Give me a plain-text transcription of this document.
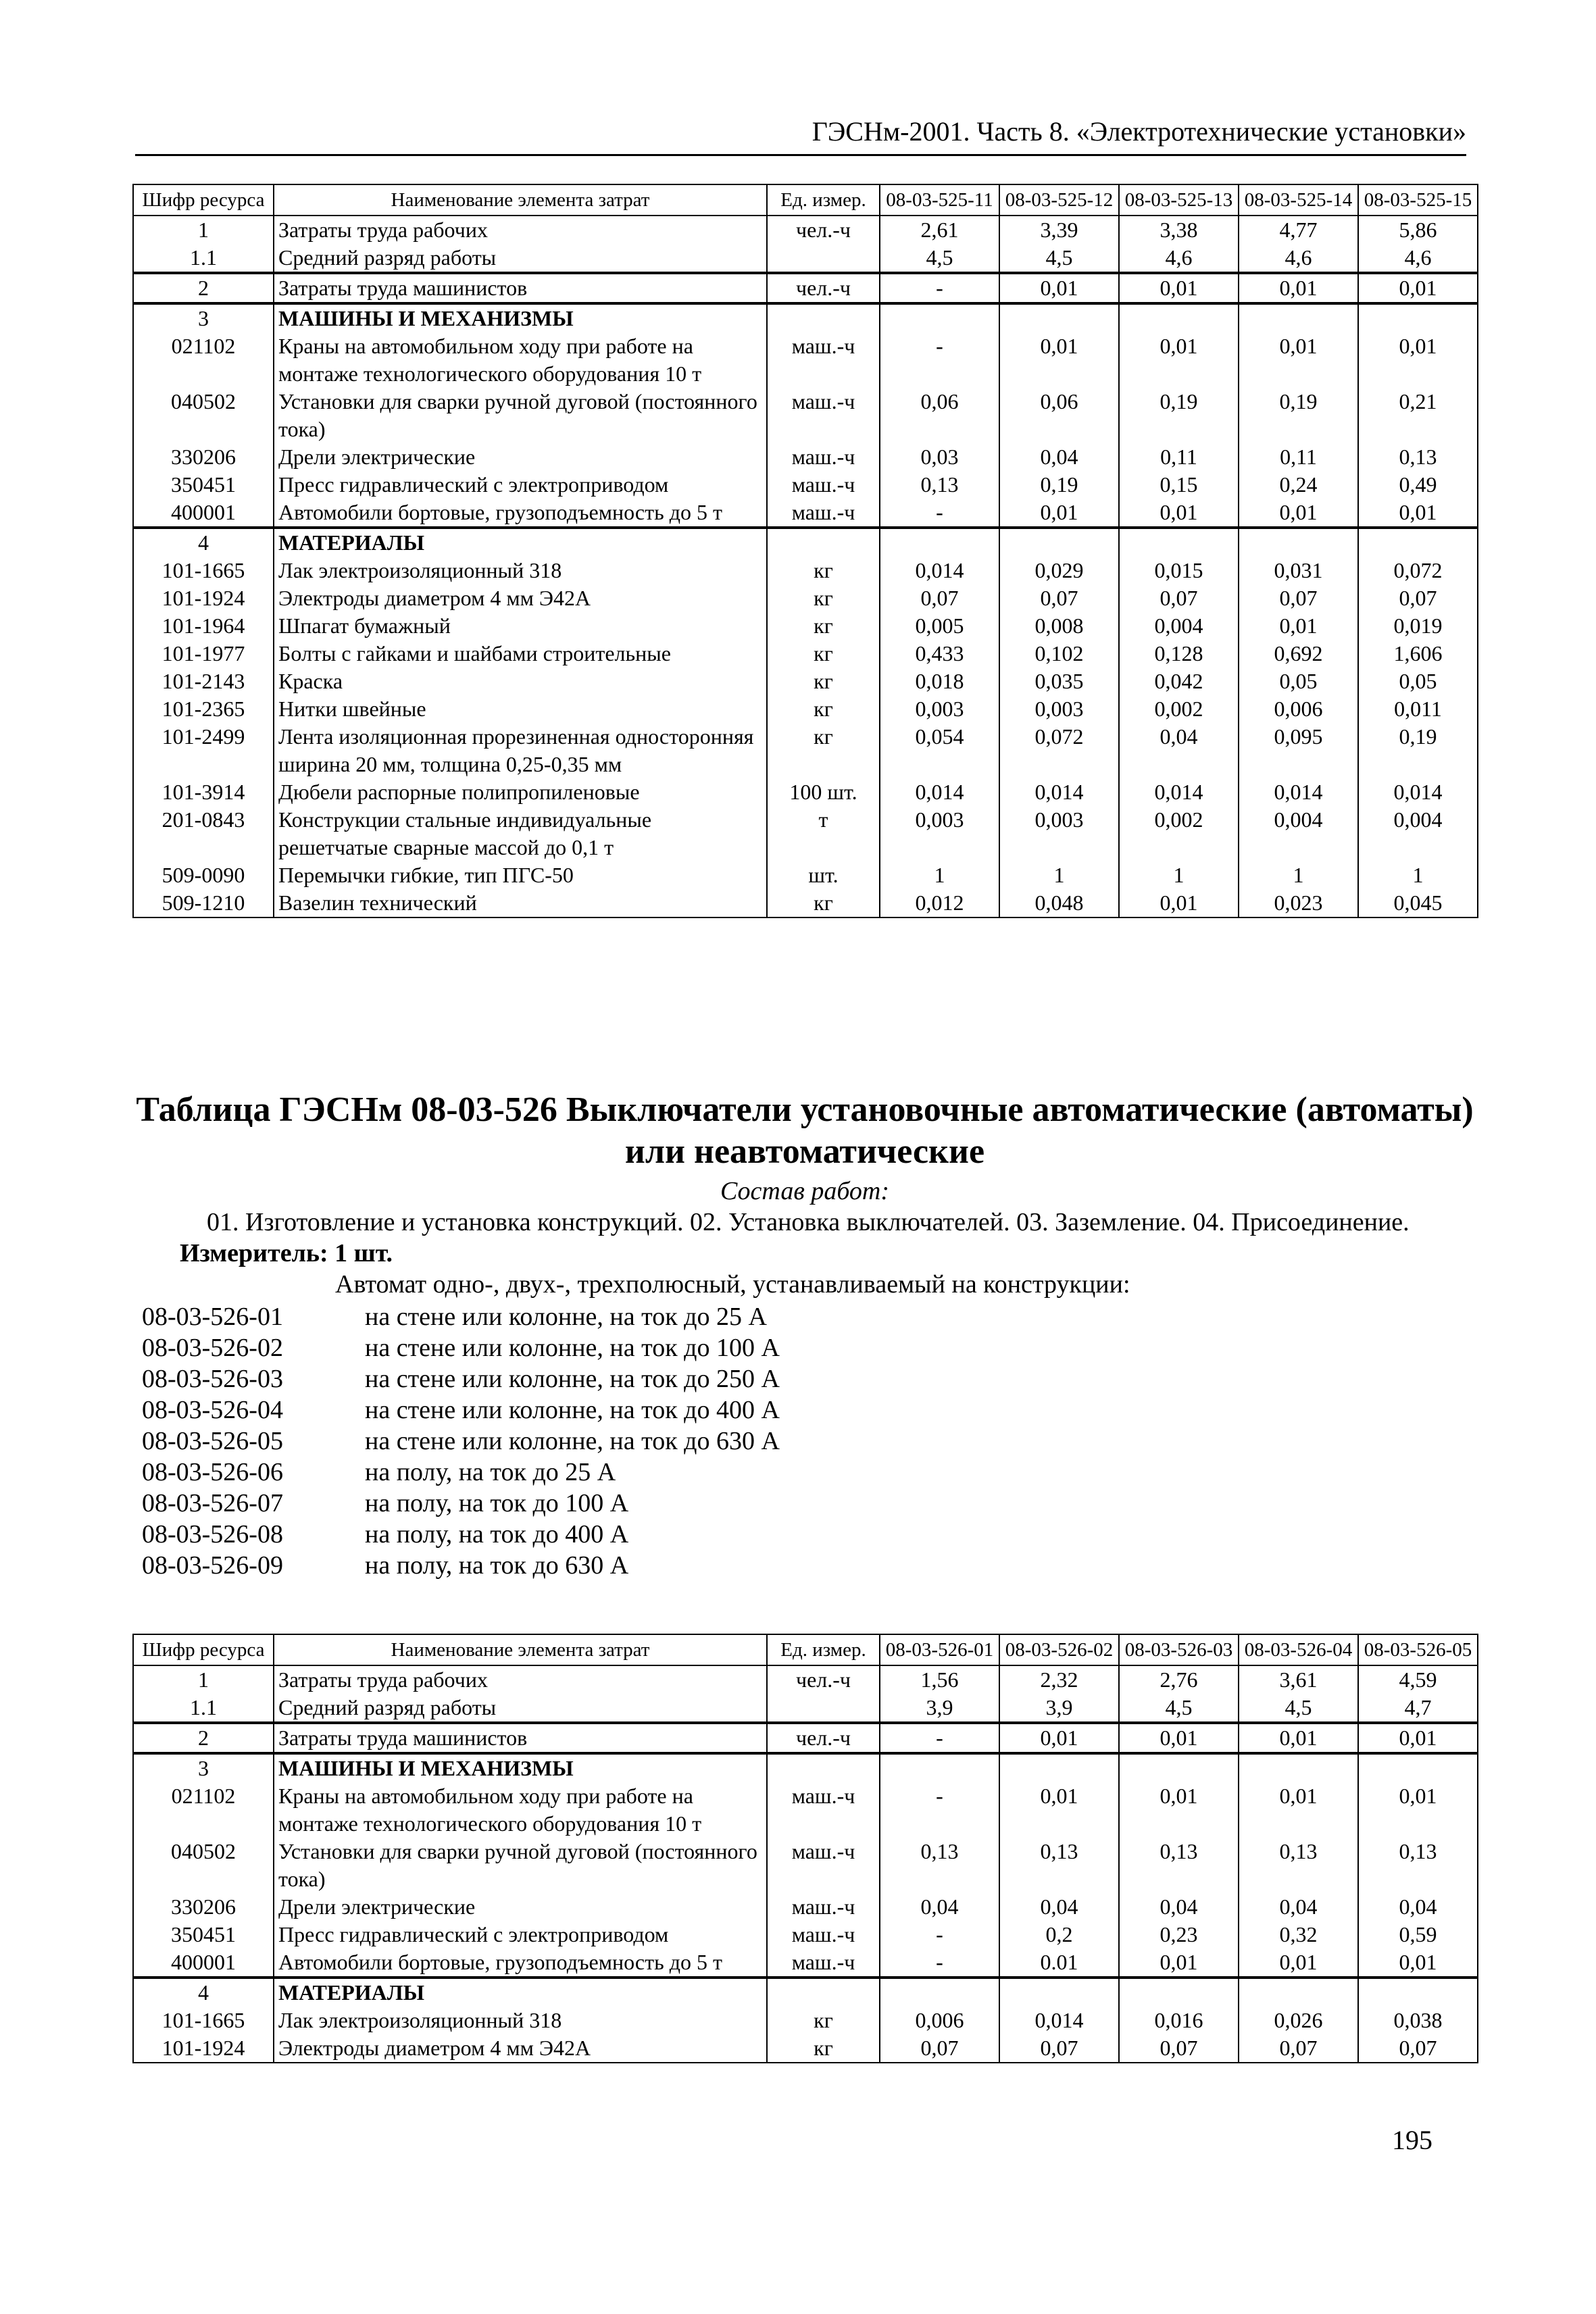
ГЭСНм-2001. Часть 8. «Электротехнические установки»
Шифр ресурса	Наименование элемента затрат	Ед. измер.	08-03-525-11	08-03-525-12	08-03-525-13	08-03-525-14	08-03-525-15
1	Затраты труда рабочих	чел.-ч	2,61	3,39	3,38	4,77	5,86
1.1	Средний разряд работы		4,5	4,5	4,6	4,6	4,6
2	Затраты труда машинистов	чел.-ч	-	0,01	0,01	0,01	0,01
3	МАШИНЫ И МЕХАНИЗМЫ						
021102	Краны на автомобильном ходу при работе на монтаже технологического оборудования 10 т	маш.-ч	-	0,01	0,01	0,01	0,01
040502	Установки для сварки ручной дуговой (постоянного тока)	маш.-ч	0,06	0,06	0,19	0,19	0,21
330206	Дрели электрические	маш.-ч	0,03	0,04	0,11	0,11	0,13
350451	Пресс гидравлический с электроприводом	маш.-ч	0,13	0,19	0,15	0,24	0,49
400001	Автомобили бортовые, грузоподъемность до 5 т	маш.-ч	-	0,01	0,01	0,01	0,01
4	МАТЕРИАЛЫ						
101-1665	Лак электроизоляционный 318	кг	0,014	0,029	0,015	0,031	0,072
101-1924	Электроды диаметром 4 мм Э42А	кг	0,07	0,07	0,07	0,07	0,07
101-1964	Шпагат бумажный	кг	0,005	0,008	0,004	0,01	0,019
101-1977	Болты с гайками и шайбами строительные	кг	0,433	0,102	0,128	0,692	1,606
101-2143	Краска	кг	0,018	0,035	0,042	0,05	0,05
101-2365	Нитки швейные	кг	0,003	0,003	0,002	0,006	0,011
101-2499	Лента изоляционная прорезиненная односторонняя ширина 20 мм, толщина 0,25-0,35 мм	кг	0,054	0,072	0,04	0,095	0,19
101-3914	Дюбели распорные полипропиленовые	100 шт.	0,014	0,014	0,014	0,014	0,014
201-0843	Конструкции стальные индивидуальные решетчатые сварные массой до 0,1 т	т	0,003	0,003	0,002	0,004	0,004
509-0090	Перемычки гибкие, тип ПГС-50	шт.	1	1	1	1	1
509-1210	Вазелин технический	кг	0,012	0,048	0,01	0,023	0,045
Таблица ГЭСНм 08-03-526 Выключатели установочные автоматические (автоматы) или неавтоматические
Состав работ:
01. Изготовление и установка конструкций. 02. Установка выключателей. 03. Заземление. 04. Присоединение.
Измеритель: 1 шт.
Автомат одно-, двух-, трехполюсный, устанавливаемый на конструкции:
08-03-526-01	на стене или колонне, на ток до 25 А
08-03-526-02	на стене или колонне, на ток до 100 А
08-03-526-03	на стене или колонне, на ток до 250 А
08-03-526-04	на стене или колонне, на ток до 400 А
08-03-526-05	на стене или колонне, на ток до 630 А
08-03-526-06	на полу, на ток до 25 А
08-03-526-07	на полу, на ток до 100 А
08-03-526-08	на полу, на ток до 400 А
08-03-526-09	на полу, на ток до 630 А
Шифр ресурса	Наименование элемента затрат	Ед. измер.	08-03-526-01	08-03-526-02	08-03-526-03	08-03-526-04	08-03-526-05
1	Затраты труда рабочих	чел.-ч	1,56	2,32	2,76	3,61	4,59
1.1	Средний разряд работы		3,9	3,9	4,5	4,5	4,7
2	Затраты труда машинистов	чел.-ч	-	0,01	0,01	0,01	0,01
3	МАШИНЫ И МЕХАНИЗМЫ						
021102	Краны на автомобильном ходу при работе на монтаже технологического оборудования 10 т	маш.-ч	-	0,01	0,01	0,01	0,01
040502	Установки для сварки ручной дуговой (постоянного тока)	маш.-ч	0,13	0,13	0,13	0,13	0,13
330206	Дрели электрические	маш.-ч	0,04	0,04	0,04	0,04	0,04
350451	Пресс гидравлический с электроприводом	маш.-ч	-	0,2	0,23	0,32	0,59
400001	Автомобили бортовые, грузоподъемность до 5 т	маш.-ч	-	0.01	0,01	0,01	0,01
4	МАТЕРИАЛЫ						
101-1665	Лак электроизоляционный 318	кг	0,006	0,014	0,016	0,026	0,038
101-1924	Электроды диаметром 4 мм Э42А	кг	0,07	0,07	0,07	0,07	0,07
195
